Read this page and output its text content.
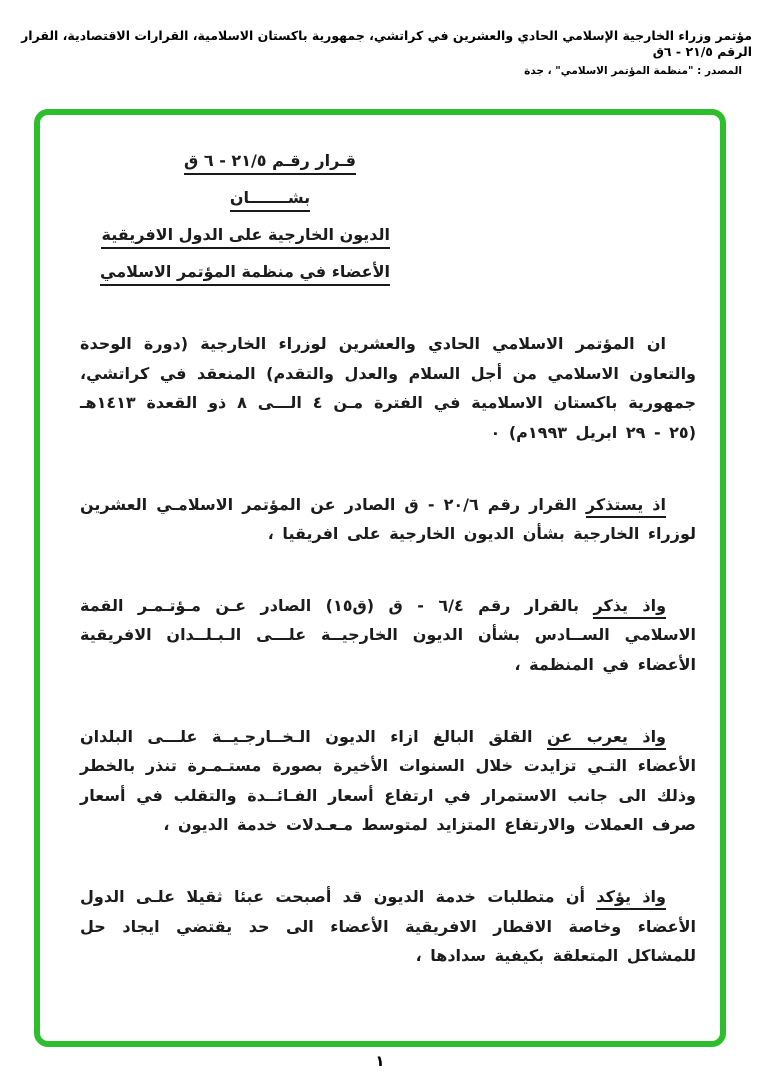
مؤتمر وزراء الخارجية الإسلامي الحادي والعشرين في كراتشي، جمهورية باكستان الاسلامية، القرارات الاقتصادية، القرار الرقم ٢١/٥ - ٦ق
المصدر : "منظمة المؤتمر الاسلامي" ، جدة
قـرار رقـم ٢١/٥ - ٦ ق
بشـــــــان
الديون الخارجية على الدول الافريقية
الأعضاء في منظمة المؤتمر الاسلامي

ان المؤتمر الاسلامي الحادي والعشرين لوزراء الخارجية (دورة الوحدة والتعاون الاسلامي من أجل السلام والعدل والتقدم) المنعقد في كراتشي، جمهورية باكستان الاسلامية في الفترة مـن ٤ الـــى ٨ ذو القعدة ١٤١٣هـ (٢٥ - ٢٩ ابريل ١٩٩٣م) ٠

اذ يستذكر القرار رقم ٢٠/٦ - ق الصادر عن المؤتمر الاسلامـي العشرين لوزراء الخارجية بشأن الديون الخارجية على افريقيا ،

واذ يذكر بالقرار رقم ٦/٤ - ق (ق١٥) الصادر عـن مـؤتـمـر القمة الاسلامي الســادس بشأن الديون الخارجيــة علـــى الـبـلــدان الافريقية الأعضاء في المنظمة ،

واذ يعرب عن القلق البالغ ازاء الديون الـخــارجـيــة علـــى البلدان الأعضاء التـي تزايدت خلال السنوات الأخيرة بصورة مستـمـرة تنذر بالخطر وذلك الى جانب الاستمرار في ارتفاع أسعار الفـائــدة والتقلب في أسعار صرف العملات والارتفاع المتزايد لمتوسط مـعـدلات خدمة الديون ،

واذ يؤكد أن متطلبات خدمة الديون قد أصبحت عبئا ثقيلا علـى الدول الأعضاء وخاصة الاقطار الافريقية الأعضاء الى حد يقتضي ايجاد حل للمشاكل المتعلقة بكيفية سدادها ،

١
